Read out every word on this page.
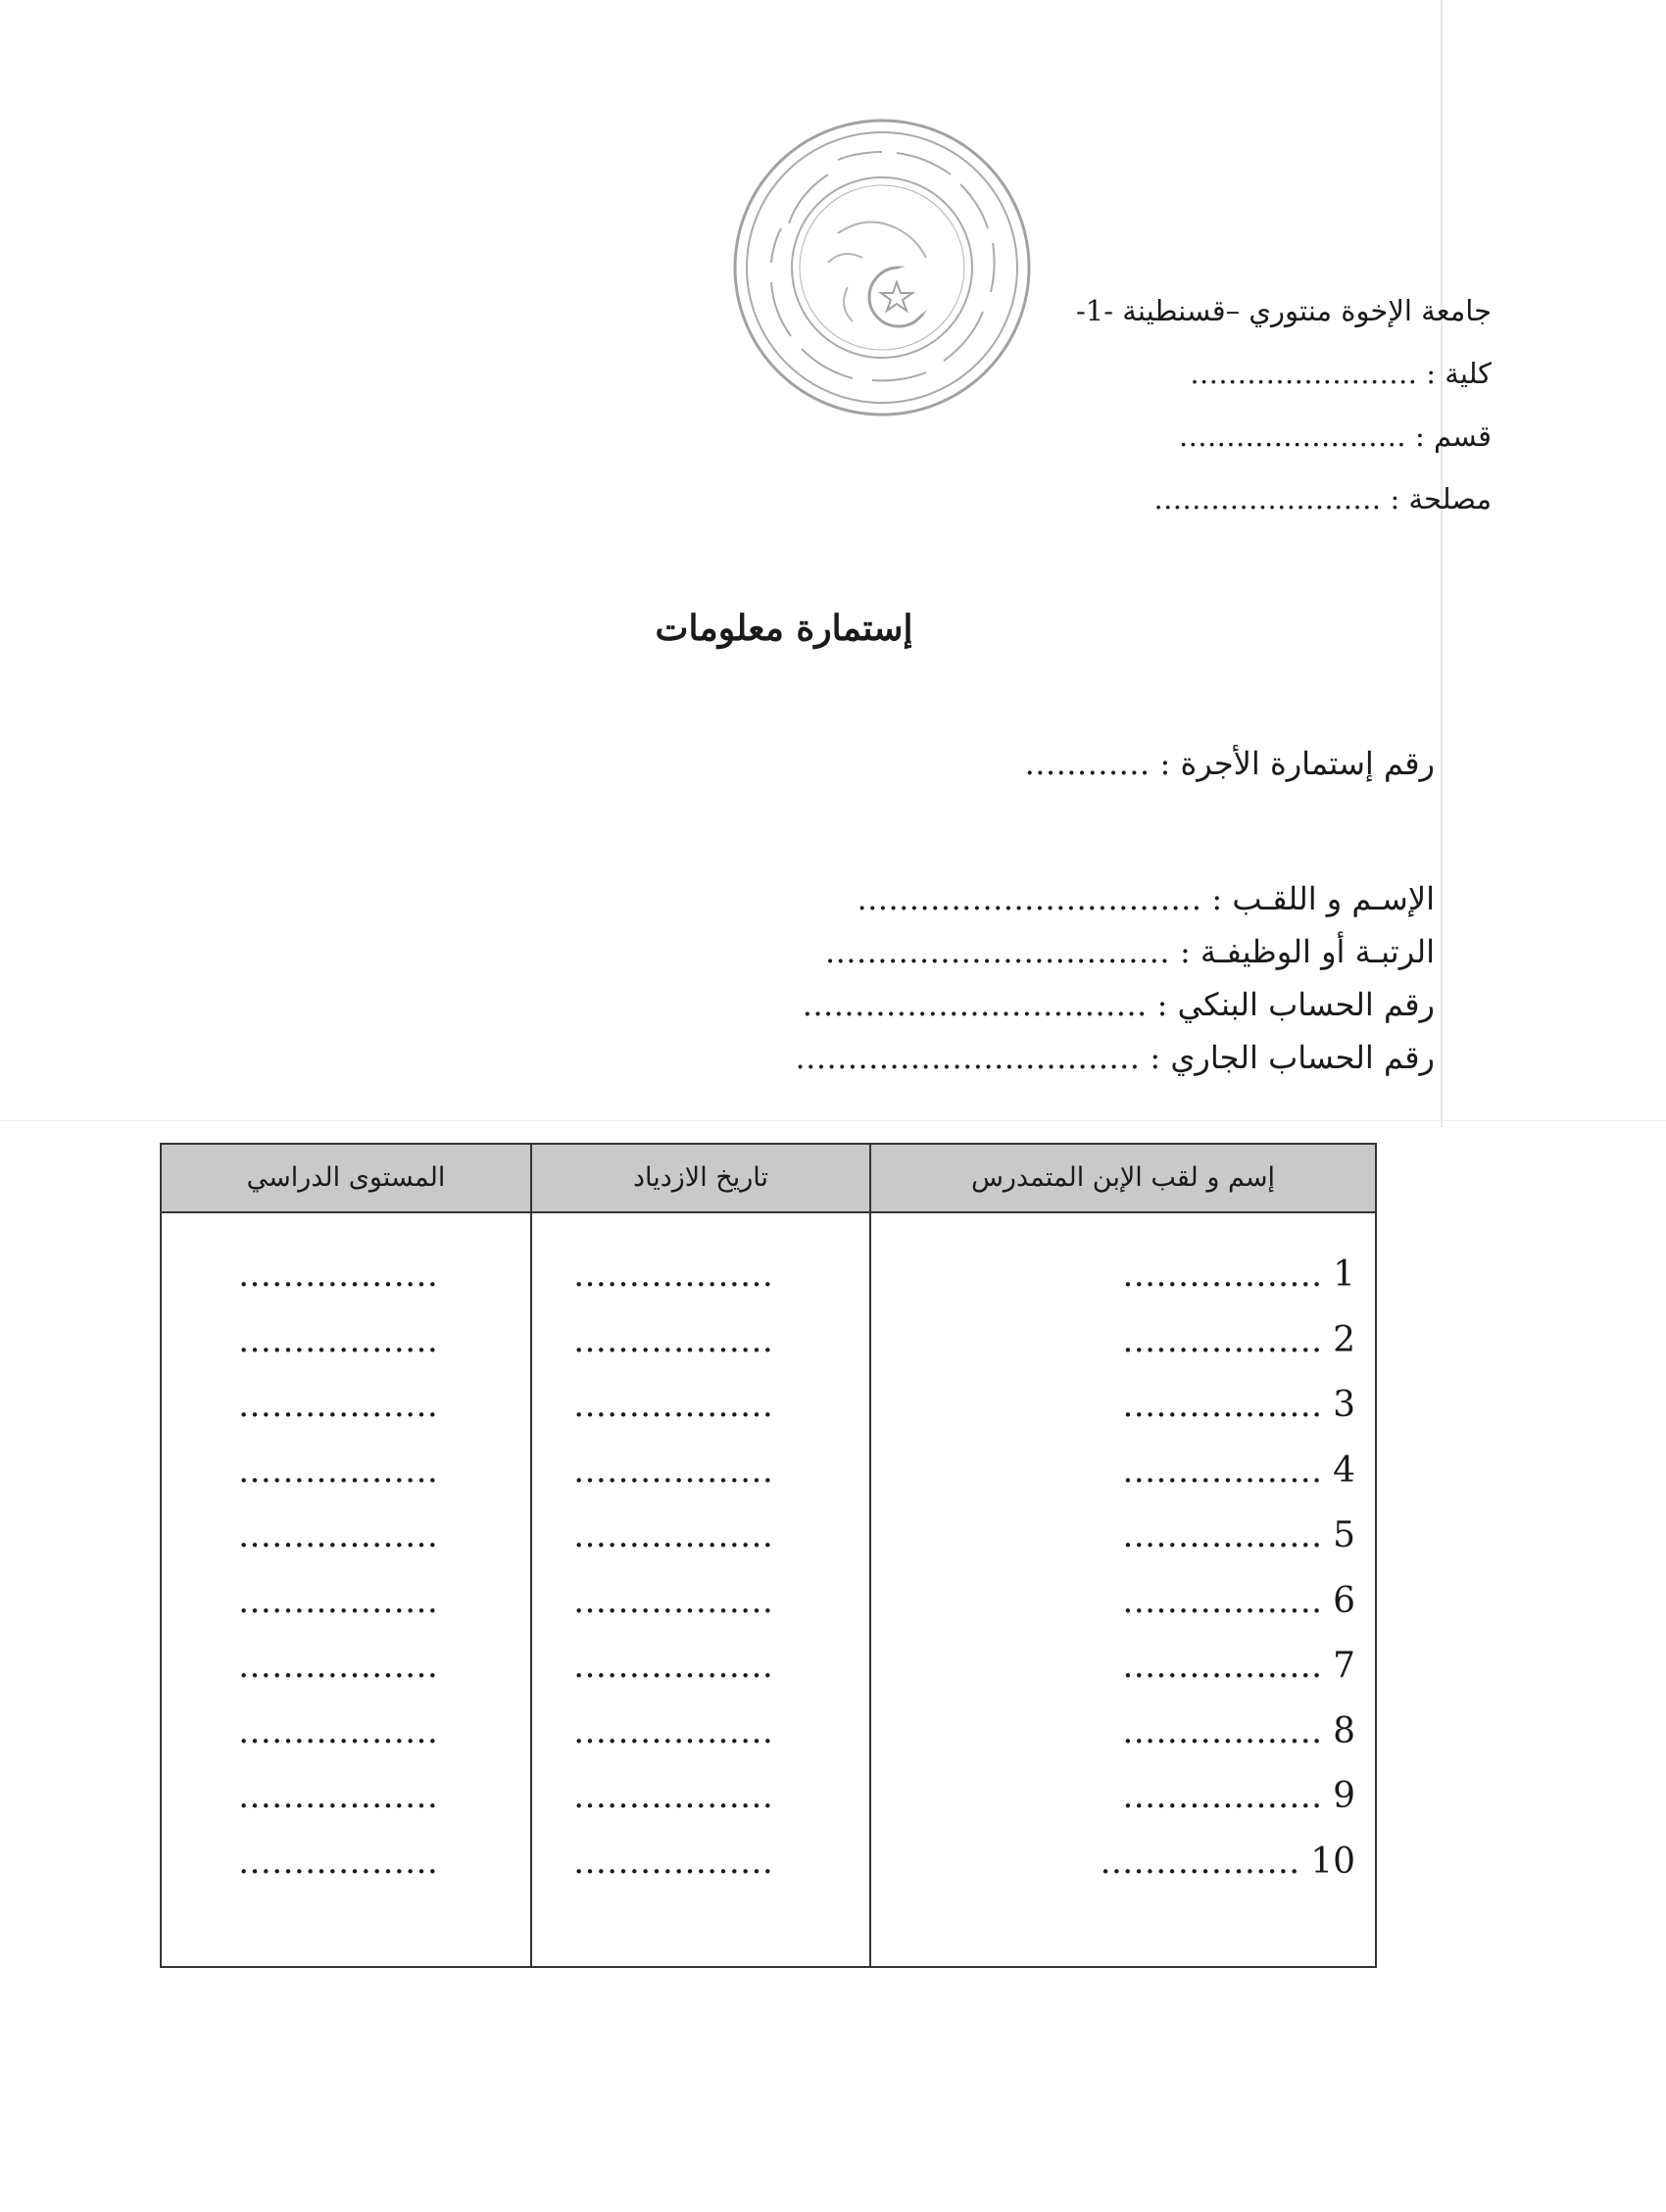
جامعة الإخوة منتوري –قسنطينة -1-
كلية : ……………………
قسم : ……………………
مصلحة : ……………………
إستمارة معلومات
رقم إستمارة الأجرة : …………
الإسـم و اللقـب : ……………………………
الرتبـة أو الوظيفـة : ……………………………
رقم الحساب البنكي : ……………………………
رقم الحساب الجاري : ……………………………
إسم و لقب الإبن المتمدرس
تاريخ الازدياد
المستوى الدراسي
1 ………………
………………
………………
2 ………………
………………
………………
3 ………………
………………
………………
4 ………………
………………
………………
5 ………………
………………
………………
6 ………………
………………
………………
7 ………………
………………
………………
8 ………………
………………
………………
9 ………………
………………
………………
10 ………………
………………
………………
